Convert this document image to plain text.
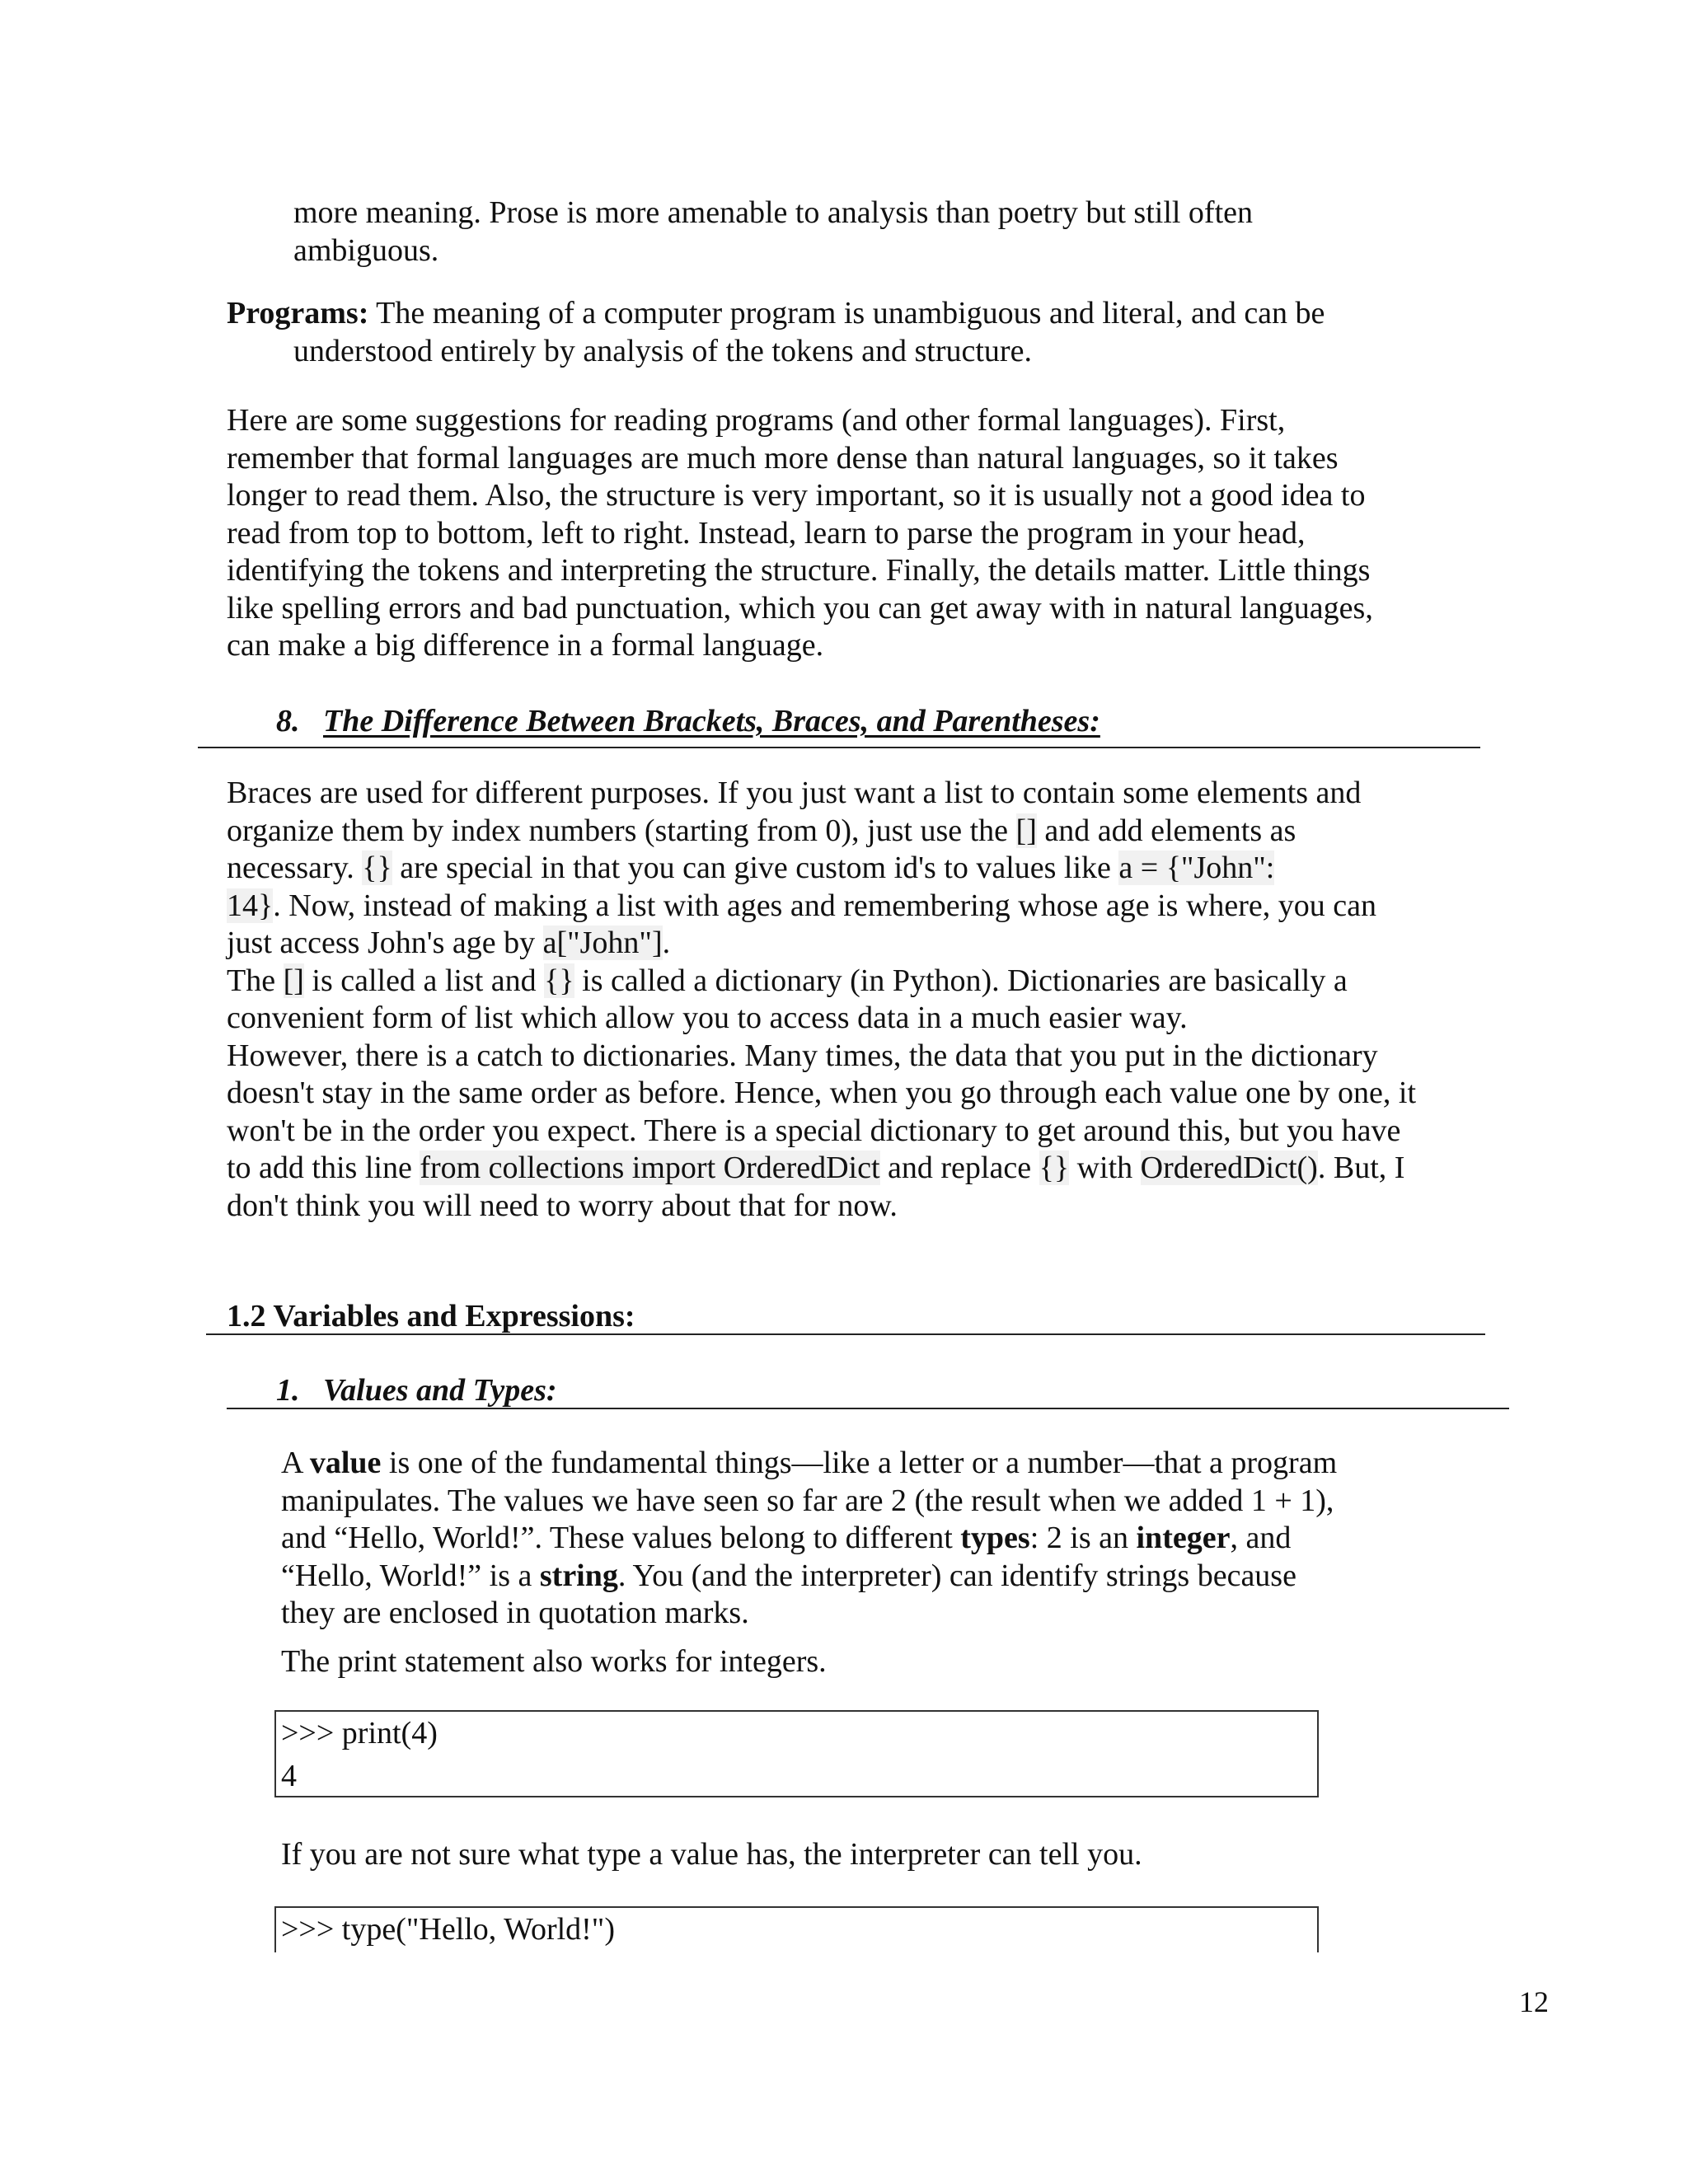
more meaning. Prose is more amenable to analysis than poetry but still often

ambiguous.

Programs: The meaning of a computer program is unambiguous and literal, and can be

understood entirely by analysis of the tokens and structure.

Here are some suggestions for reading programs (and other formal languages). First,

remember that formal languages are much more dense than natural languages, so it takes

longer to read them. Also, the structure is very important, so it is usually not a good idea to

read from top to bottom, left to right. Instead, learn to parse the program in your head,

identifying the tokens and interpreting the structure. Finally, the details matter. Little things

like spelling errors and bad punctuation, which you can get away with in natural languages,

can make a big difference in a formal language.

8. The Difference Between Brackets, Braces, and Parentheses:

Braces are used for different purposes. If you just want a list to contain some elements and

organize them by index numbers (starting from 0), just use the [] and add elements as

necessary. {} are special in that you can give custom id's to values like a = {"John":

14}. Now, instead of making a list with ages and remembering whose age is where, you can

just access John's age by a["John"].

The [] is called a list and {} is called a dictionary (in Python). Dictionaries are basically a

convenient form of list which allow you to access data in a much easier way.

However, there is a catch to dictionaries. Many times, the data that you put in the dictionary

doesn't stay in the same order as before. Hence, when you go through each value one by one, it

won't be in the order you expect. There is a special dictionary to get around this, but you have

to add this line from collections import OrderedDict and replace {} with OrderedDict(). But, I

don't think you will need to worry about that for now.

1.2 Variables and Expressions:
1. Values and Types:

A value is one of the fundamental things—like a letter or a number—that a program

manipulates. The values we have seen so far are 2 (the result when we added 1 + 1),

and “Hello, World!”. These values belong to different types: 2 is an integer, and

“Hello, World!” is a string. You (and the interpreter) can identify strings because

they are enclosed in quotation marks.

The print statement also works for integers.
>>> print(4)
4
If you are not sure what type a value has, the interpreter can tell you.
>>> type("Hello, World!")
12
